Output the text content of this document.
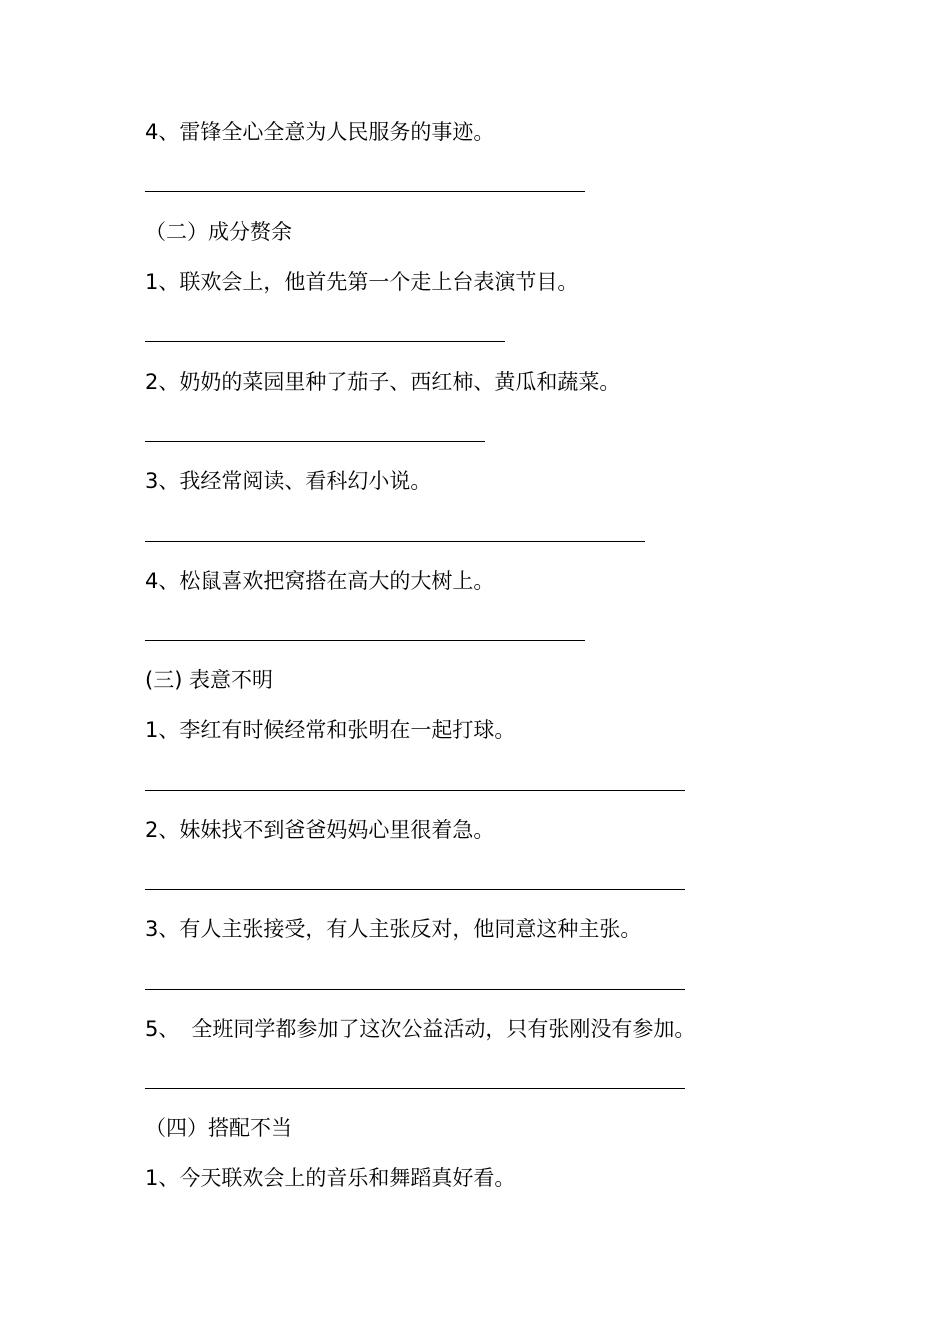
4、雷锋全心全意为人民服务的事迹。
（二）成分赘余
1、联欢会上，他首先第一个走上台表演节目。
2、奶奶的菜园里种了茄子、西红柿、黄瓜和蔬菜。
3、我经常阅读、看科幻小说。
4、松鼠喜欢把窝搭在高大的大树上。
(三) 表意不明
1、李红有时候经常和张明在一起打球。
2、妹妹找不到爸爸妈妈心里很着急。
3、有人主张接受，有人主张反对，他同意这种主张。
5、 全班同学都参加了这次公益活动，只有张刚没有参加。
（四）搭配不当
1、今天联欢会上的音乐和舞蹈真好看。
